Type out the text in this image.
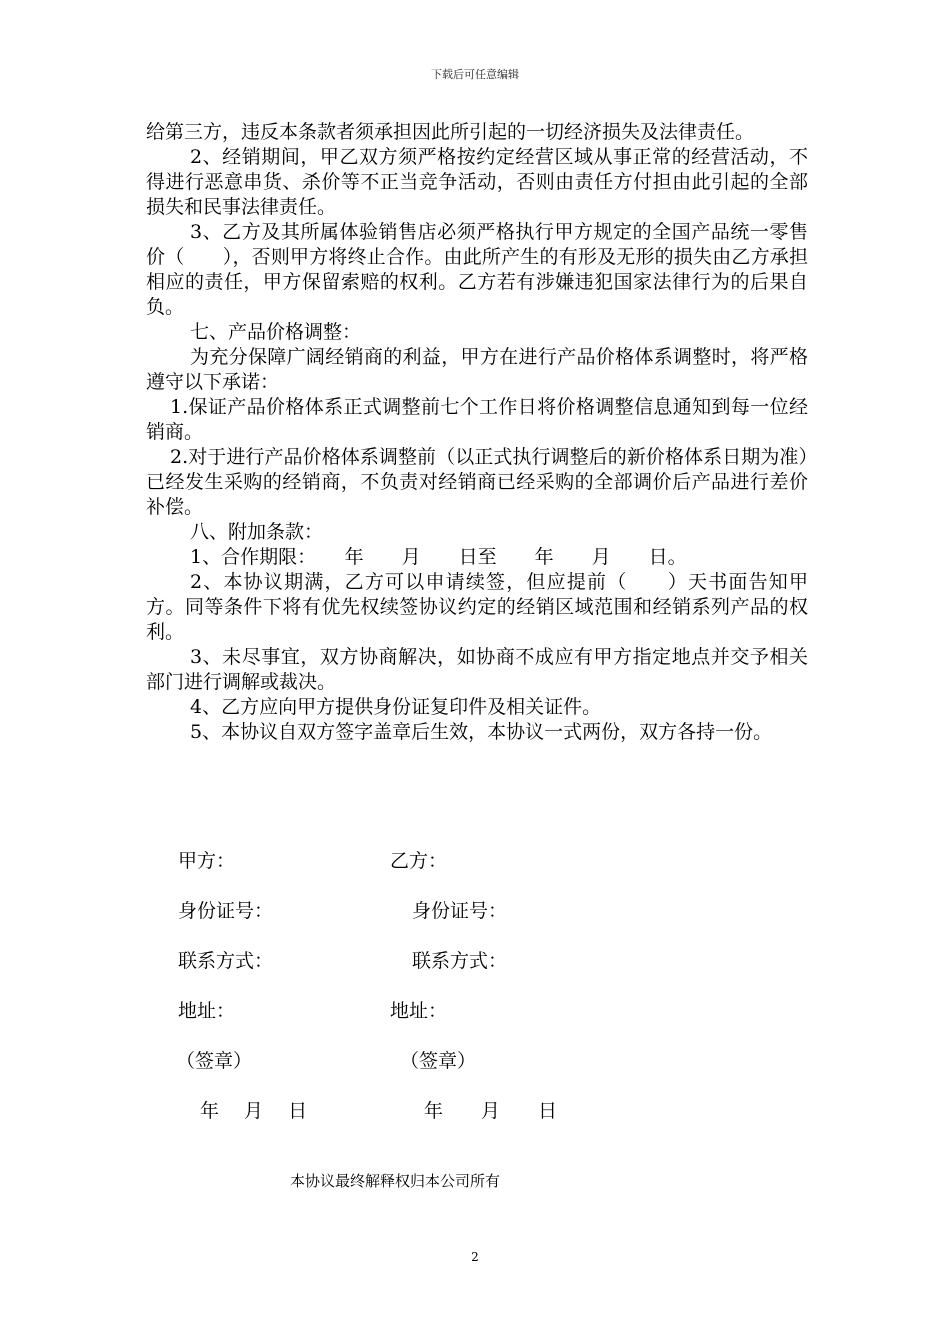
下载后可任意编辑

给第三方，违反本条款者须承担因此所引起的一切经济损失及法律责任。

2、经销期间，甲乙双方须严格按约定经营区域从事正常的经营活动，不得进行恶意串货、杀价等不正当竞争活动，否则由责任方付担由此引起的全部损失和民事法律责任。

3、乙方及其所属体验销售店必须严格执行甲方规定的全国产品统一零售价（　　），否则甲方将终止合作。由此所产生的有形及无形的损失由乙方承担相应的责任，甲方保留索赔的权利。乙方若有涉嫌违犯国家法律行为的后果自负。

七、产品价格调整：

为充分保障广阔经销商的利益，甲方在进行产品价格体系调整时，将严格遵守以下承诺：

1.保证产品价格体系正式调整前七个工作日将价格调整信息通知到每一位经销商。

2.对于进行产品价格体系调整前（以正式执行调整后的新价格体系日期为准）已经发生采购的经销商，不负责对经销商已经采购的全部调价后产品进行差价补偿。

八、附加条款：

1、合作期限：　　年　　月　　日至　　年　　月　　日。

2、本协议期满，乙方可以申请续签，但应提前（　　）天书面告知甲方。同等条件下将有优先权续签协议约定的经销区域范围和经销系列产品的权利。

3、未尽事宜，双方协商解决，如协商不成应有甲方指定地点并交予相关部门进行调解或裁决。

4、乙方应向甲方提供身份证复印件及相关证件。

5、本协议自双方签字盖章后生效，本协议一式两份，双方各持一份。

甲方：	乙方：
身份证号：	身份证号：
联系方式：	联系方式：
地址：	地址：
（签章）	（签章）
年　 月　 日	年　　月　　日
本协议最终解释权归本公司所有
2
